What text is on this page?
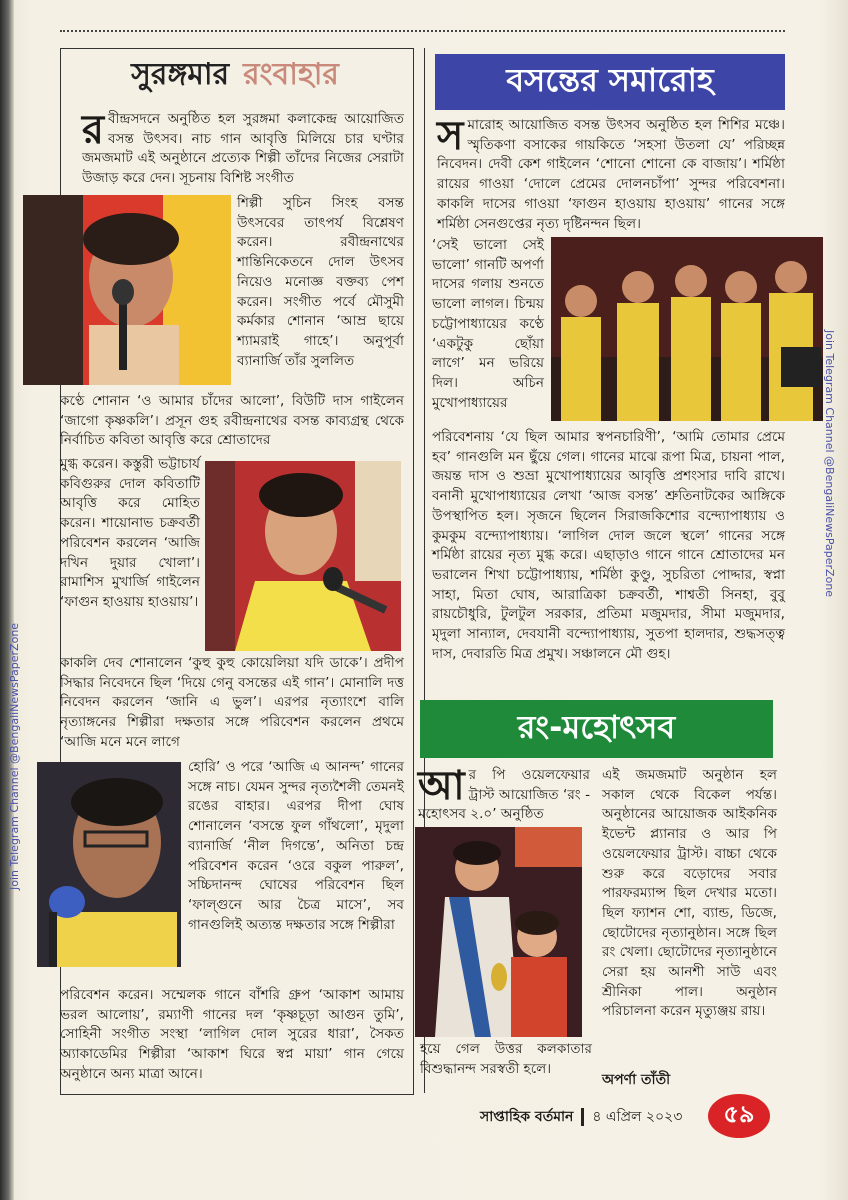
সুরঙ্গমার রংবাহার
র বীন্দ্রসদনে অনুষ্ঠিত হল সুরঙ্গমা কলাকেন্দ্র আয়োজিত বসন্ত উৎসব। নাচ গান আবৃত্তি মিলিয়ে চার ঘণ্টার জমজমাট এই অনুষ্ঠানে প্রত্যেক শিল্পী তাঁদের নিজের সেরাটা উজাড় করে দেন। সূচনায় বিশিষ্ট সংগীত

শিল্পী সুচিন সিংহ বসন্ত উৎসবের তাৎপর্য বিশ্লেষণ করেন। রবীন্দ্রনাথের শান্তিনিকেতনে দোল উৎসব নিয়েও মনোজ্ঞ বক্তব্য পেশ করেন। সংগীত পর্বে মৌসুমী কর্মকার শোনান ‘আম্র ছায়ে শ্যামরাই গাহে’। অনুপূর্বা ব্যানার্জি তাঁর সুললিত

কণ্ঠে শোনান ‘ও আমার চাঁদের আলো’, বিউটি দাস গাইলেন ‘জাগো কৃষ্ণকলি’। প্রসূন গুহ রবীন্দ্রনাথের বসন্ত কাব্যগ্রন্থ থেকে নির্বাচিত কবিতা আবৃত্তি করে শ্রোতাদের

মুগ্ধ করেন। কস্তুরী ভট্টাচার্য কবিগুরুর দোল কবিতাটি আবৃত্তি করে মোহিত করেন। শায়োনাভ চক্রবর্তী পরিবেশন করলেন ‘আজি দখিন দুয়ার খোলা’। রামাশিস মুখার্জি গাইলেন ‘ফাগুন হাওয়ায় হাওয়ায়’।

কাকলি দেব শোনালেন ‘কুহু কুহু কোয়েলিয়া যদি ডাকে’। প্রদীপ সিদ্ধার নিবেদনে ছিল ‘দিয়ে গেনু বসন্তের এই গান’। মোনালি দত্ত নিবেদন করলেন ‘জানি এ ভুল’। এরপর নৃত্যাংশে বালি নৃত্যাঙ্গনের শিল্পীরা দক্ষতার সঙ্গে পরিবেশন করলেন প্রথমে ‘আজি মনে মনে লাগে

হোরি’ ও পরে ‘আজি এ আনন্দ’ গানের সঙ্গে নাচ। যেমন সুন্দর নৃত্যশৈলী তেমনই রঙের বাহার। এরপর দীপা ঘোষ শোনালেন ‘বসন্তে ফুল গাঁথলো’, মৃদুলা ব্যানার্জি ‘নীল দিগন্তে’, অনিতা চন্দ্র পরিবেশন করেন ‘ওরে বকুল পারুল’, সচ্চিদানন্দ ঘোষের পরিবেশন ছিল ‘ফাল্গুনে আর চৈত্র মাসে’, সব গানগুলিই অত্যন্ত দক্ষতার সঙ্গে শিল্পীরা

পরিবেশন করেন। সম্মেলক গানে বাঁশরি গ্রুপ ‘আকাশ আমায় ভরল আলোয়’, রম্যাণী গানের দল ‘কৃষ্ণচূড়া আগুন তুমি’, সোহিনী সংগীত সংস্থা ‘লাগিল দোল সুরের ধারা’, সৈকত অ্যাকাডেমির শিল্পীরা ‘আকাশ ঘিরে স্বপ্ন মায়া’ গান গেয়ে অনুষ্ঠানে অন্য মাত্রা আনে।

বসন্তের সমারোহ
স মারোহ আয়োজিত বসন্ত উৎসব অনুষ্ঠিত হল শিশির মঞ্চে। স্মৃতিকণা বসাকের গায়কিতে ‘সহসা উতলা যে’ পরিচ্ছন্ন নিবেদন। দেবী কেশ গাইলেন ‘শোনো শোনো কে বাজায়’। শর্মিষ্ঠা রায়ের গাওয়া ‘দোলে প্রেমের দোলনচাঁপা’ সুন্দর পরিবেশনা। কাকলি দাসের গাওয়া ‘ফাগুন হাওয়ায় হাওয়ায়’ গানের সঙ্গে শর্মিষ্ঠা সেনগুপ্তের নৃত্য দৃষ্টিনন্দন ছিল।

‘সেই ভালো সেই ভালো’ গানটি অপর্ণা দাসের গলায় শুনতে ভালো লাগল। চিন্ময় চট্টোপাধ্যায়ের কণ্ঠে ‘একটুকু ছোঁয়া লাগে’ মন ভরিয়ে দিল। অচিন মুখোপাধ্যায়ের

পরিবেশনায় ‘যে ছিল আমার স্বপনচারিণী’, ‘আমি তোমার প্রেমে হব’ গানগুলি মন ছুঁয়ে গেল। গানের মাঝে রূপা মিত্র, চায়না পাল, জয়ন্ত দাস ও শুভ্রা মুখোপাধ্যায়ের আবৃত্তি প্রশংসার দাবি রাখে। বনানী মুখোপাধ্যায়ের লেখা ‘আজ বসন্ত’ শ্রুতিনাটকের আঙ্গিকে উপস্থাপিত হল। সৃজনে ছিলেন সিরাজকিশোর বন্দ্যোপাধ্যায় ও কুমকুম বন্দ্যোপাধ্যায়। ‘লাগিল দোল জলে স্থলে’ গানের সঙ্গে শর্মিষ্ঠা রায়ের নৃত্য মুগ্ধ করে। এছাড়াও গানে গানে শ্রোতাদের মন ভরালেন শিখা চট্টোপাধ্যায়, শর্মিষ্ঠা কুণ্ডু, সুচরিতা পোদ্দার, স্বপ্না সাহা, মিতা ঘোষ, আরাত্রিকা চক্রবর্তী, শাশ্বতী সিনহা, বুবু রায়চৌধুরি, টুলটুল সরকার, প্রতিমা মজুমদার, সীমা মজুমদার, মৃদুলা সান্যাল, দেবযানী বন্দ্যোপাধ্যায়, সুতপা হালদার, শুদ্ধসত্ত্ব দাস, দেবারতি মিত্র প্রমুখ। সঞ্চালনে মৌ গুহ।

রং-মহোৎসব
আ র পি ওয়েলফেয়ার ট্রাস্ট আয়োজিত ‘রং - মহোৎসব ২.০’ অনুষ্ঠিত

হয়ে গেল উত্তর কলকাতার বিশুদ্ধানন্দ সরস্বতী হলে।

এই জমজমাট অনুষ্ঠান হল সকাল থেকে বিকেল পর্যন্ত। অনুষ্ঠানের আয়োজক আইকনিক ইভেন্ট প্ল্যানার ও আর পি ওয়েলফেয়ার ট্রাস্ট। বাচ্চা থেকে শুরু করে বড়োদের সবার পারফরম্যান্স ছিল দেখার মতো। ছিল ফ্যাশন শো, ব্যান্ড, ডিজে, ছোটোদের নৃত্যানুষ্ঠান। সঙ্গে ছিল রং খেলা। ছোটোদের নৃত্যানুষ্ঠানে সেরা হয় আনশী সাউ এবং শ্রীনিকা পাল। অনুষ্ঠান পরিচালনা করেন মৃত্যুঞ্জয় রায়।

অপর্ণা তাঁতী
সাপ্তাহিক বর্তমান ৪ এপ্রিল ২০২৩	৫৯
Join Telegram Channel @BengaliNewsPaperZone
Join Telegram Channel @BengaliNewsPaperZone
